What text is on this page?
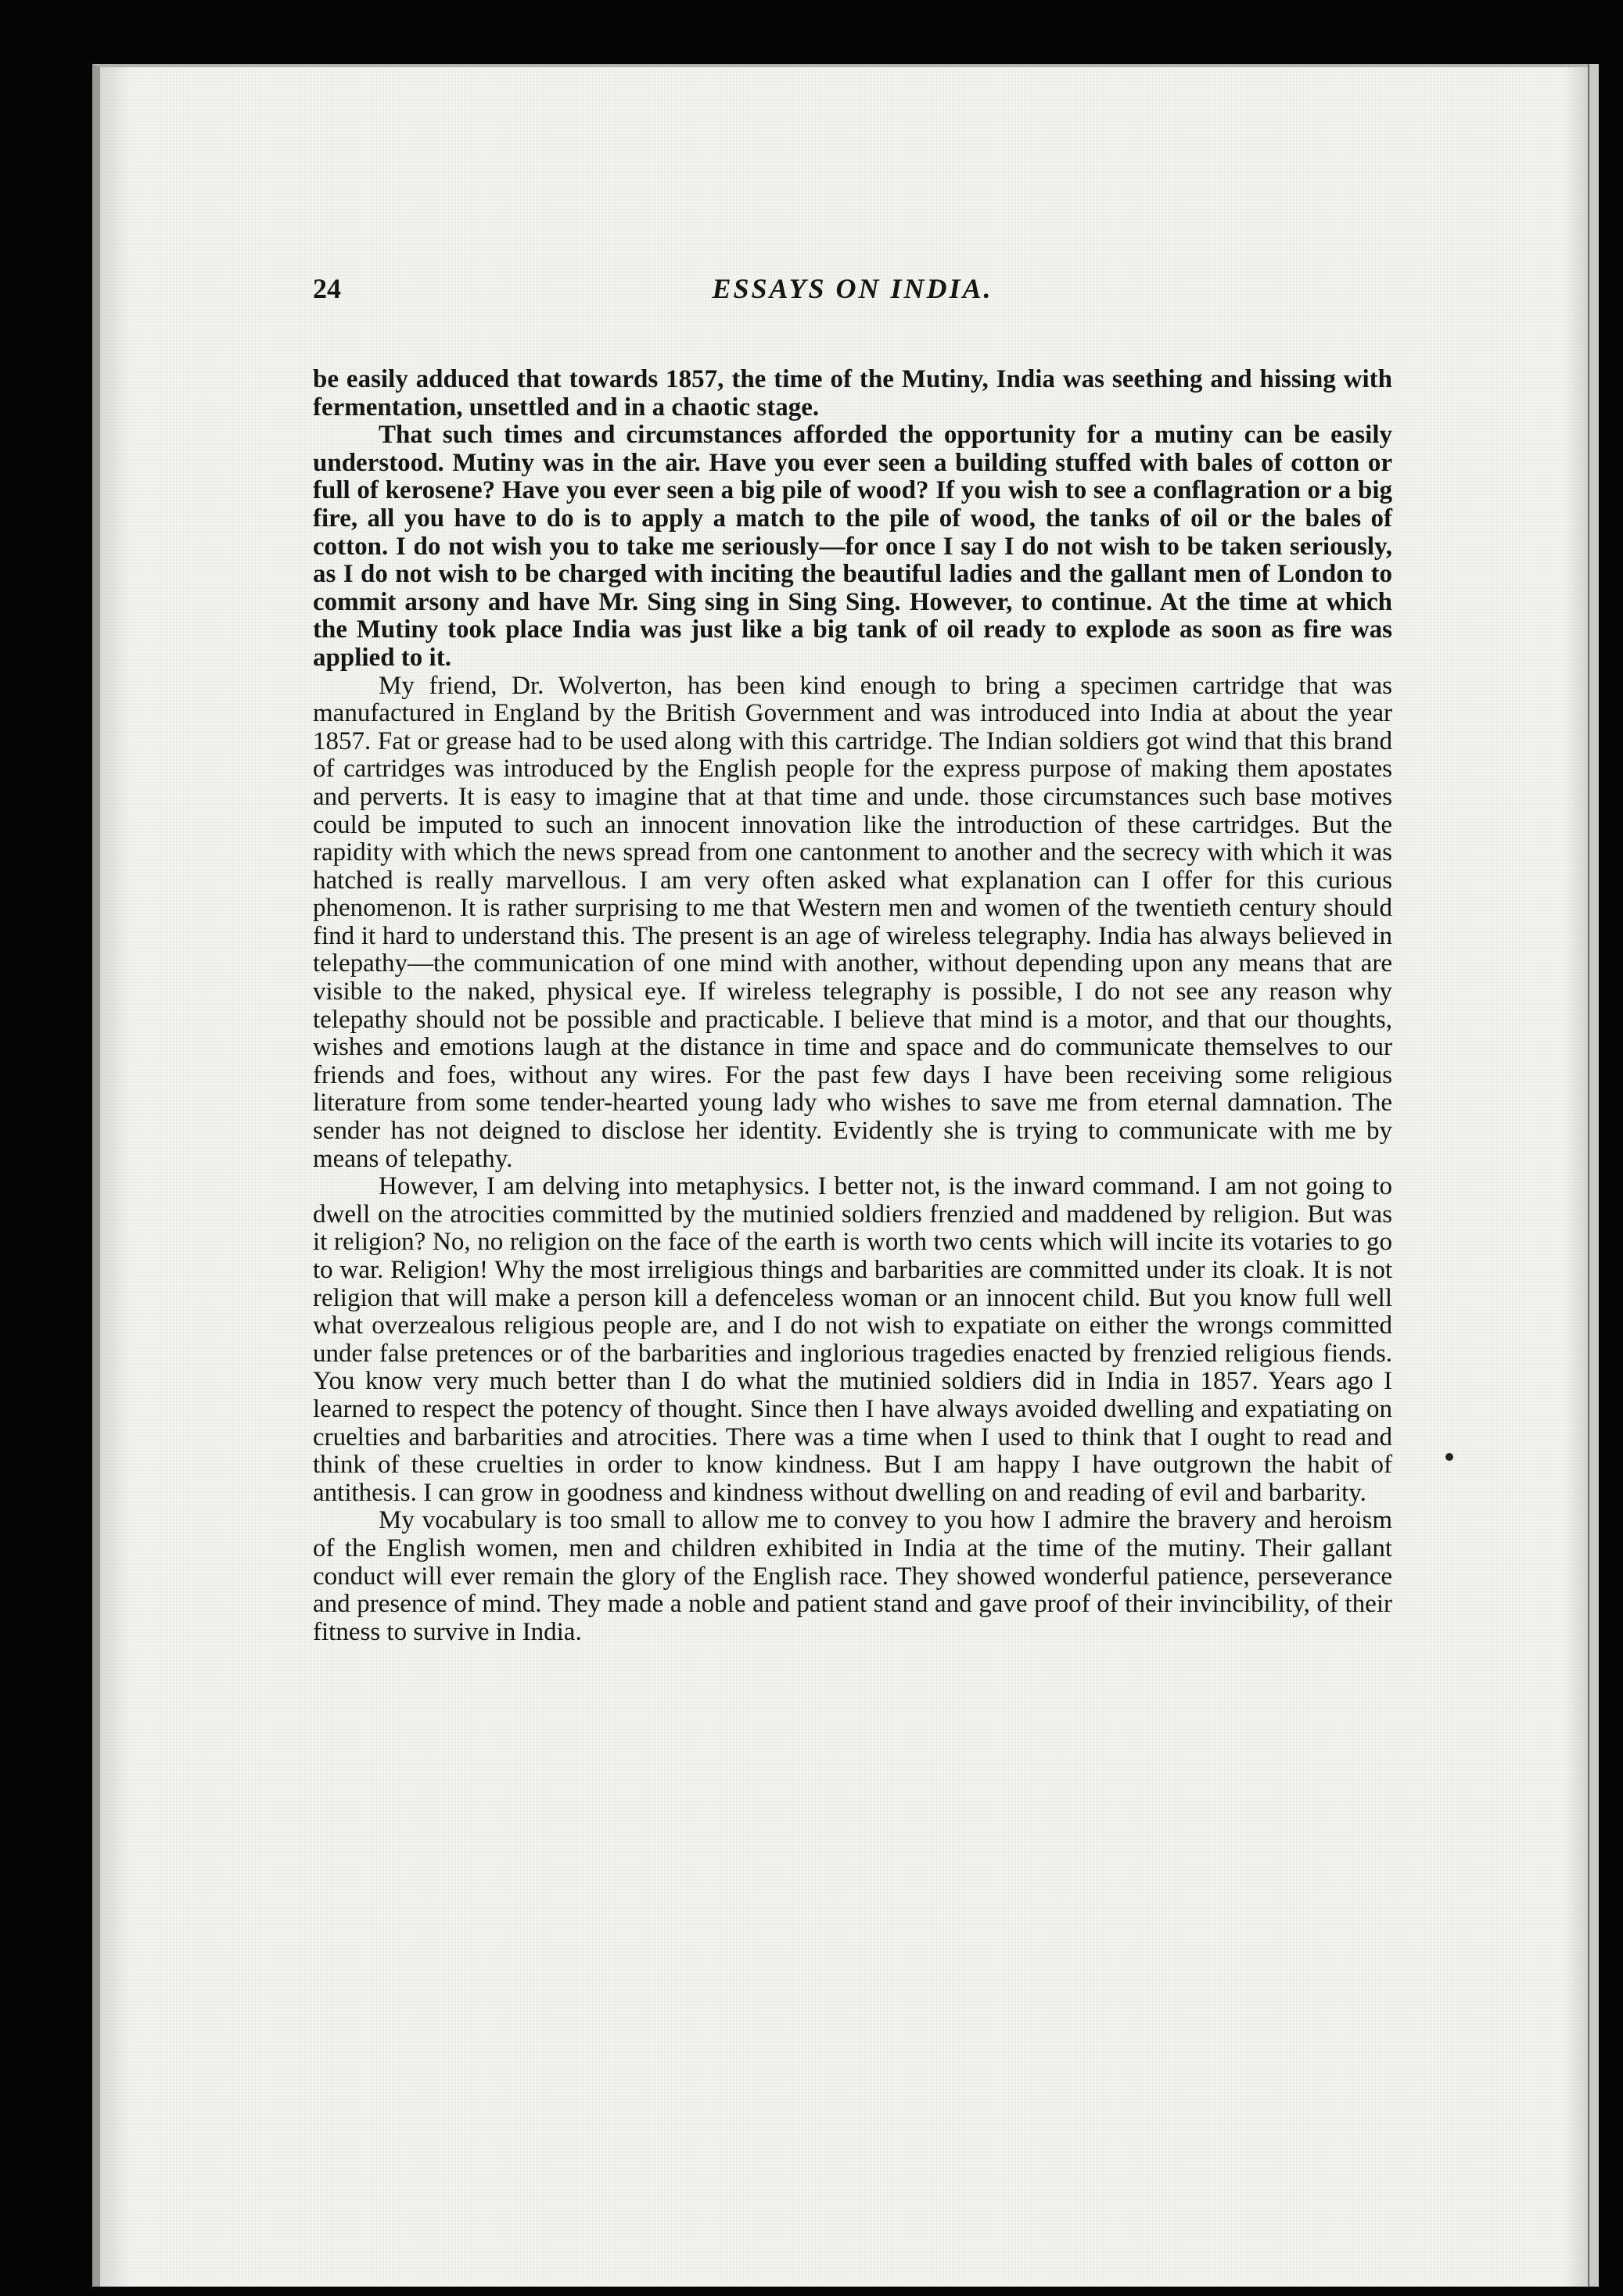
ESSAYS ON INDIA.
24

be easily adduced that towards 1857, the time of the Mutiny, India was seething and hissing with fermentation, unsettled and in a chaotic stage.

That such times and circumstances afforded the opportunity for a mutiny can be easily understood. Mutiny was in the air. Have you ever seen a building stuffed with bales of cotton or full of kerosene? Have you ever seen a big pile of wood? If you wish to see a conflagration or a big fire, all you have to do is to apply a match to the pile of wood, the tanks of oil or the bales of cotton. I do not wish you to take me seriously—for once I say I do not wish to be taken seriously, as I do not wish to be charged with inciting the beautiful ladies and the gallant men of London to commit arsony and have Mr. Sing sing in Sing Sing. However, to continue. At the time at which the Mutiny took place India was just like a big tank of oil ready to explode as soon as fire was applied to it.

My friend, Dr. Wolverton, has been kind enough to bring a specimen cartridge that was manufactured in England by the British Government and was introduced into India at about the year 1857. Fat or grease had to be used along with this cartridge. The Indian soldiers got wind that this brand of cartridges was introduced by the English people for the express purpose of making them apostates and perverts. It is easy to imagine that at that time and unde. those circumstances such base motives could be imputed to such an innocent innovation like the introduction of these cartridges. But the rapidity with which the news spread from one cantonment to another and the secrecy with which it was hatched is really marvellous. I am very often asked what explanation can I offer for this curious phenomenon. It is rather surprising to me that Western men and women of the twentieth century should find it hard to understand this. The present is an age of wireless telegraphy. India has always believed in telepathy—the communication of one mind with another, without depending upon any means that are visible to the naked, physical eye. If wireless telegraphy is possible, I do not see any reason why telepathy should not be possible and practicable. I believe that mind is a motor, and that our thoughts, wishes and emotions laugh at the distance in time and space and do communicate themselves to our friends and foes, without any wires. For the past few days I have been receiving some religious literature from some tender-hearted young lady who wishes to save me from eternal damnation. The sender has not deigned to disclose her identity. Evidently she is trying to communicate with me by means of telepathy.

However, I am delving into metaphysics. I better not, is the inward command. I am not going to dwell on the atrocities committed by the mutinied soldiers frenzied and maddened by religion. But was it religion? No, no religion on the face of the earth is worth two cents which will incite its votaries to go to war. Religion! Why the most irreligious things and barbarities are committed under its cloak. It is not religion that will make a person kill a defenceless woman or an innocent child. But you know full well what overzealous religious people are, and I do not wish to expatiate on either the wrongs committed under false pretences or of the barbarities and inglorious tragedies enacted by frenzied religious fiends. You know very much better than I do what the mutinied soldiers did in India in 1857. Years ago I learned to respect the potency of thought. Since then I have always avoided dwelling and expatiating on cruelties and barbarities and atrocities. There was a time when I used to think that I ought to read and think of these cruelties in order to know kindness. But I am happy I have outgrown the habit of antithesis. I can grow in goodness and kindness without dwelling on and reading of evil and barbarity.

My vocabulary is too small to allow me to convey to you how I admire the bravery and heroism of the English women, men and children exhibited in India at the time of the mutiny. Their gallant conduct will ever remain the glory of the English race. They showed wonderful patience, perseverance and presence of mind. They made a noble and patient stand and gave proof of their invincibility, of their fitness to survive in India.
